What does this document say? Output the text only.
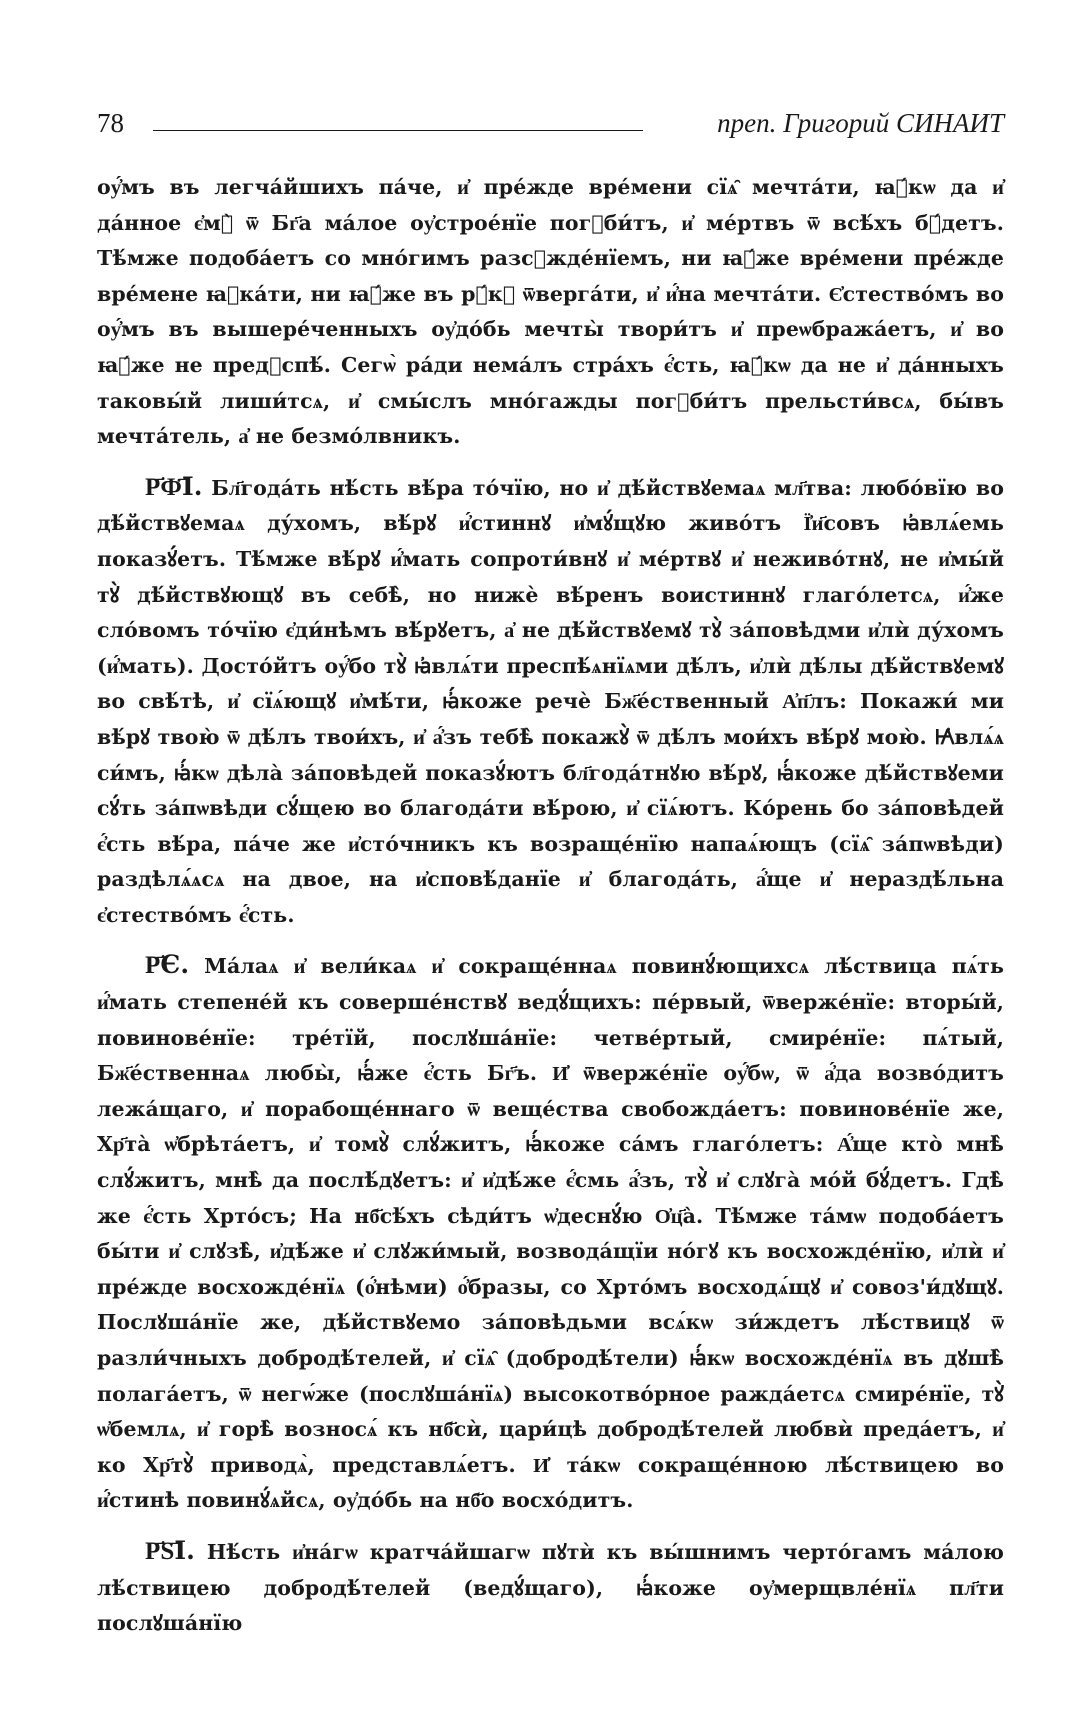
78	преп. Григорий СИНАИТ

оу҆́мъ въ легча́йшихъ па́че, и҆ пре́жде вре́мени сїѧ̑ мечта́ти, ꙗ҆́кѡ да и҆ да́нное є҆мꙋ̀ ѿ Бг҃а ма́лое оу҆строе́нїе погꙋби́тъ, и҆ ме́ртвъ ѿ всѣ́хъ бꙋ́детъ. Тѣ́мже подоба́етъ со мно́гимъ разсꙋжде́нїемъ, ни ꙗ҆́же вре́мени пре́жде вре́мене ꙗ҆ка́ти, ни ꙗ҆́же въ рꙋ́кꙋ ѿверга́ти, и҆ и҆́на мечта́ти. Є҆стество́мъ во оу҆́мъ въ вышере́ченныхъ оу҆до́бь мечты̀ твори́тъ и҆ преѡбража́етъ, и҆ во ꙗ҆́же не предꙋспѣ́. Сегѡ̀ ра́ди нема́лъ стра́хъ є҆́сть, ꙗ҆́кѡ да не и҆ да́нныхъ таковы́й лиши́тсѧ, и҆ смы́слъ мно́гажды погꙋби́тъ прельсти́всѧ, бы́въ мечта́тель, а҆ не безмо́лвникъ.

Р҃Ф҃І. Бл҃года́ть нѣ́сть вѣ́ра то́чїю, но и҆ дѣ́йствꙋемаѧ мл҃тва: любо́вїю во дѣ́йствꙋемаѧ ду́хомъ, вѣ́рꙋ и҆́стиннꙋ и҆мꙋ́щꙋю живо́тъ Ї҆и҃совъ ꙗ҆влѧ́емь показꙋ́етъ. Тѣ́мже вѣ́рꙋ и҆́мать сопроти́внꙋ и҆ ме́ртвꙋ и҆ неживо́тнꙋ, не и҆мы́й тꙋ̀ дѣ́йствꙋющꙋ въ себѣ̀, но нижѐ вѣ́ренъ воистиннꙋ глаго́летсѧ, и҆́же сло́вомъ то́чїю є҆ди́нѣмъ вѣ́рꙋетъ, а҆ не дѣ́йствꙋемꙋ тꙋ̀ за́повѣдми и҆лѝ ду́хомъ (и҆́мать). Досто́йтъ оу҆́бо тꙋ̀ ꙗ҆влѧ́ти преспѣ́ѧнїѧми дѣ́лъ, и҆лѝ дѣ́лы дѣ́йствꙋемꙋ во свѣ́тѣ, и҆ сїѧ́ющꙋ и҆мѣ́ти, ꙗ҆́коже речѐ Бж҃е́ственный А҆п҃лъ: Покажи́ ми вѣ́рꙋ твою̀ ѿ дѣ́лъ твои́хъ, и҆ а҆́зъ тебѣ̀ покажꙋ̀ ѿ дѣ́лъ мои́хъ вѣ́рꙋ мою̀. Ꙗ҆влѧ́ѧ си́мъ, ꙗ҆́кѡ дѣла̀ за́повѣдей показꙋ́ютъ бл҃года́тнꙋю вѣ́рꙋ, ꙗ҆́коже дѣ́йствꙋеми сꙋ́ть за́пѡвѣди сꙋ́щею во благода́ти вѣ́рою, и҆ сїѧ́ютъ. Ко́рень бо за́повѣдей є҆́сть вѣ́ра, па́че же и҆сто́чникъ къ возраще́нїю напаѧ́ющъ (сїѧ̑ за́пѡвѣди) раздѣлѧ́ѧсѧ на двое, на и҆сповѣ́данїе и҆ благода́ть, а҆́ще и҆ нераздѣ́льна є҆стество́мъ є҆́сть.

Р҃Є. Ма́лаѧ и҆ вели́каѧ и҆ сокраще́ннаѧ повинꙋ́ющихсѧ лѣ́ствица пѧ́ть и҆́мать степене́й къ соверше́нствꙋ ведꙋ́щихъ: пе́рвый, ѿверже́нїе: вторы́й, повинове́нїе: тре́тїй, послꙋша́нїе: четве́ртый, смире́нїе: пѧ́тый, Бж҃е́ственнаѧ любы̀, ꙗ҆́же є҆́сть Бг҃ъ. И҆ ѿверже́нїе оу҆́бѡ, ѿ а҆́да возво́дитъ лежа́щаго, и҆ порабоще́ннаго ѿ веще́ства свобожда́етъ: повинове́нїе же, Хр҃та̀ ѡ҆брѣта́етъ, и҆ томꙋ̀ слꙋ́житъ, ꙗ҆́коже са́мъ глаго́летъ: А҆́ще кто̀ мнѣ̀ слꙋ́житъ, мнѣ̀ да послѣ́дꙋетъ: и҆ и҆дѣ́же є҆́смь а҆́зъ, тꙋ̀ и҆ слꙋга̀ мо́й бꙋ́детъ. Гдѣ̀ же є҆́сть Хрто́съ; На нб҃сѣ́хъ сѣди́тъ ѡ҆деснꙋ́ю О҆ц҃а̀. Тѣ́мже та́мѡ подоба́етъ бы́ти и҆ слꙋзѣ̀, и҆дѣ́же и҆ слꙋжи́мый, возвода́щїи но́гꙋ къ восхожде́нїю, и҆лѝ и҆ пре́жде восхожде́нїѧ (о҆́нѣми) о҆́бразы, со Хрто́мъ восходѧ́щꙋ и҆ совоз'и́дꙋщꙋ. Послꙋша́нїе же, дѣ́йствꙋемо за́повѣдьми всѧ́кѡ зи́ждетъ лѣ́ствицꙋ ѿ разли́чныхъ добродѣ́телей, и҆ сїѧ̑ (добродѣ́тели) ꙗ҆́кѡ восхожде́нїѧ въ дꙋшѣ̀ полага́етъ, ѿ негѡ́же (послꙋша́нїѧ) высокотво́рное ражда́етсѧ смире́нїе, тꙋ̀ ѡ҆бемлѧ, и҆ горѣ̀ возносѧ́ къ нб҃сѝ, цари́цѣ добродѣ́телей любвѝ преда́етъ, и҆ ко Хр҃тꙋ̀ приводѧ̀, представлѧ́етъ. И҆ та́кѡ сокраще́нною лѣ́ствицею во и҆́стинѣ повинꙋ́ѧйсѧ, оу҆до́бь на нб҃о восхо́дитъ.

Р҃Ѕ҃І. Нѣ́сть и҆на́гѡ кратча́йшагѡ пꙋтѝ къ вы́шнимъ черто́гамъ ма́лою лѣ́ствицею добродѣ́телей (ведꙋ́щаго), ꙗ҆́коже оу҆мерщвле́нїѧ пл҃ти послꙋша́нїю
